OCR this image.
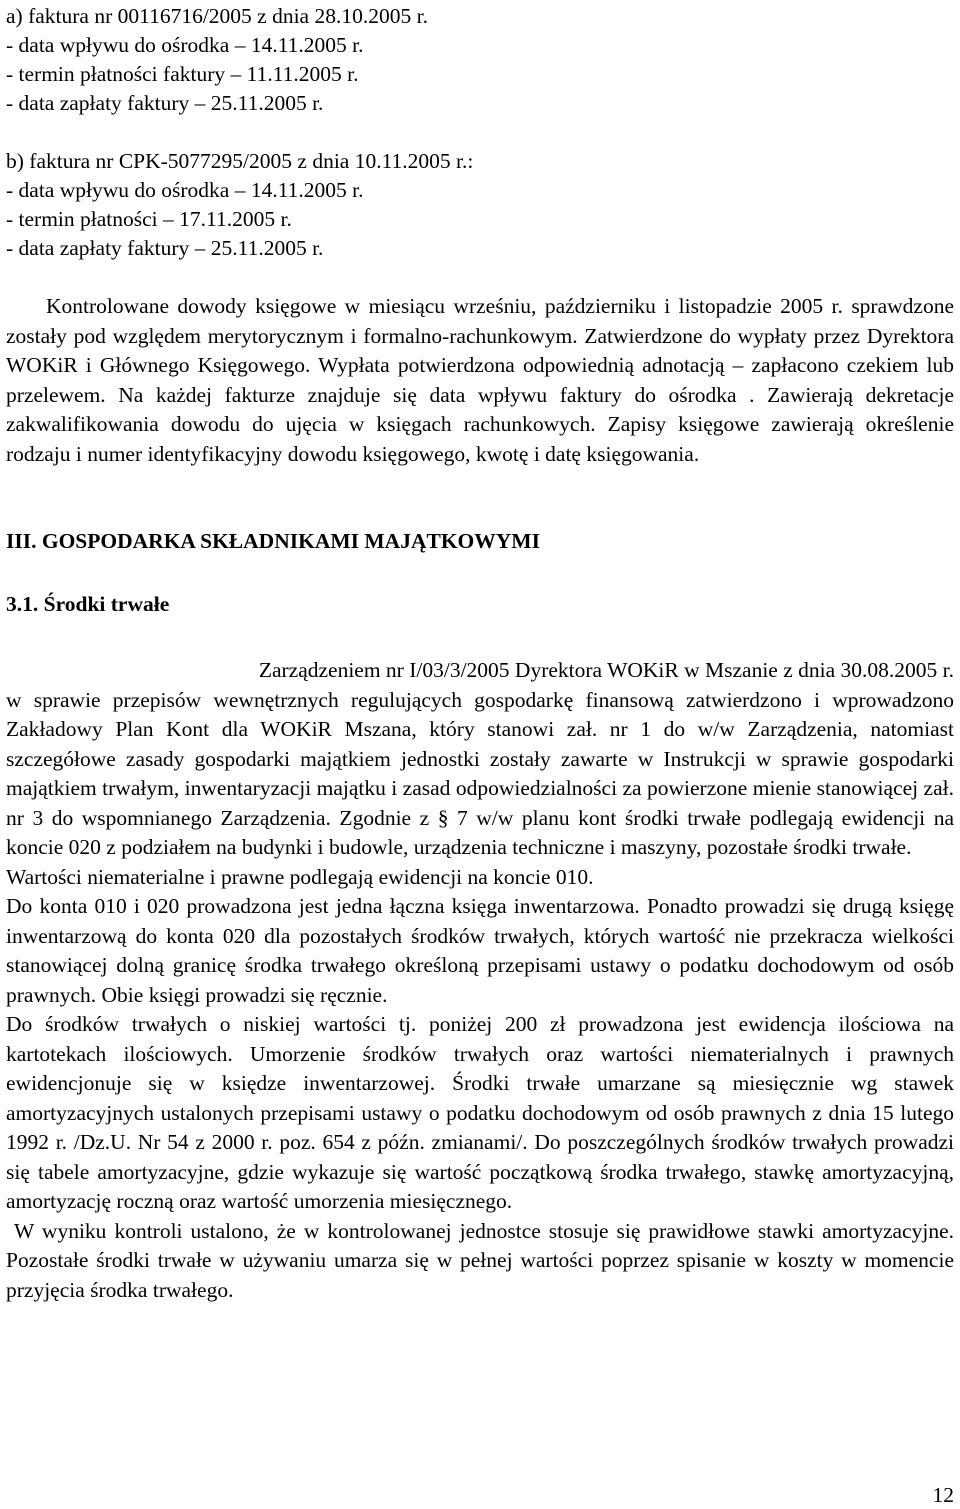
a) faktura nr 00116716/2005 z dnia 28.10.2005 r.
- data wpływu do ośrodka – 14.11.2005 r.
- termin płatności faktury – 11.11.2005 r.
- data zapłaty faktury – 25.11.2005 r.
b) faktura nr CPK-5077295/2005 z dnia 10.11.2005 r.:
- data wpływu do ośrodka – 14.11.2005 r.
- termin płatności – 17.11.2005 r.
- data zapłaty faktury – 25.11.2005 r.
Kontrolowane dowody księgowe w miesiącu wrześniu, październiku i listopadzie 2005 r. sprawdzone zostały pod względem merytorycznym i formalno-rachunkowym. Zatwierdzone do wypłaty przez Dyrektora WOKiR i Głównego Księgowego. Wypłata potwierdzona odpowiednią adnotacją – zapłacono czekiem lub przelewem. Na każdej fakturze znajduje się data wpływu faktury do ośrodka . Zawierają dekretacje zakwalifikowania dowodu do ujęcia w księgach rachunkowych. Zapisy księgowe zawierają określenie rodzaju i numer identyfikacyjny dowodu księgowego, kwotę i datę księgowania.
III. GOSPODARKA SKŁADNIKAMI MAJĄTKOWYMI
3.1. Środki trwałe
Zarządzeniem nr I/03/3/2005 Dyrektora WOKiR w Mszanie z dnia 30.08.2005 r.
w sprawie przepisów wewnętrznych regulujących gospodarkę finansową zatwierdzono i wprowadzono Zakładowy Plan Kont dla WOKiR Mszana, który stanowi zał. nr 1 do w/w Zarządzenia, natomiast szczegółowe zasady gospodarki majątkiem jednostki zostały zawarte w Instrukcji w sprawie gospodarki majątkiem trwałym, inwentaryzacji majątku i zasad odpowiedzialności za powierzone mienie stanowiącej zał. nr 3 do wspomnianego Zarządzenia. Zgodnie z § 7 w/w planu kont środki trwałe podlegają ewidencji na koncie 020 z podziałem na budynki i budowle, urządzenia techniczne i maszyny, pozostałe środki trwałe.
Wartości niematerialne i prawne podlegają ewidencji na koncie 010.
Do konta 010 i 020 prowadzona jest jedna łączna księga inwentarzowa. Ponadto prowadzi się drugą księgę inwentarzową do konta 020 dla pozostałych środków trwałych, których wartość nie przekracza wielkości stanowiącej dolną granicę środka trwałego określoną przepisami ustawy o podatku dochodowym od osób prawnych. Obie księgi prowadzi się ręcznie.
Do środków trwałych o niskiej wartości tj. poniżej 200 zł prowadzona jest ewidencja ilościowa na kartotekach ilościowych. Umorzenie środków trwałych oraz wartości niematerialnych i prawnych ewidencjonuje się w księdze inwentarzowej. Środki trwałe umarzane są miesięcznie wg stawek amortyzacyjnych ustalonych przepisami ustawy o podatku dochodowym od osób prawnych z dnia 15 lutego 1992 r. /Dz.U. Nr 54 z 2000 r. poz. 654 z późn. zmianami/. Do poszczególnych środków trwałych prowadzi się tabele amortyzacyjne, gdzie wykazuje się wartość początkową środka trwałego, stawkę amortyzacyjną, amortyzację roczną oraz wartość umorzenia miesięcznego.
W wyniku kontroli ustalono, że w kontrolowanej jednostce stosuje się prawidłowe stawki amortyzacyjne. Pozostałe środki trwałe w używaniu umarza się w pełnej wartości poprzez spisanie w koszty w momencie przyjęcia środka trwałego.
12
